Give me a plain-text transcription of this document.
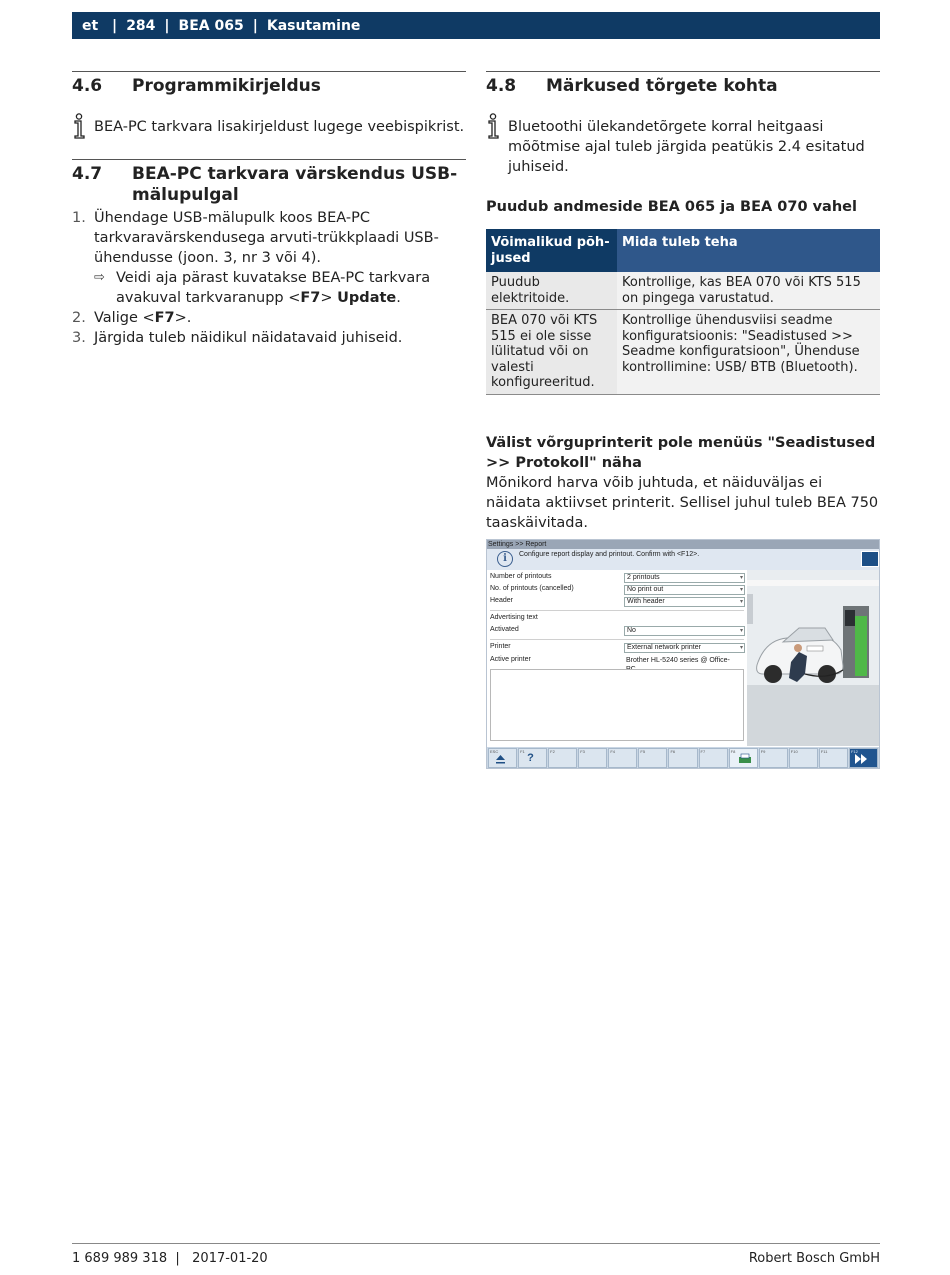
et | 284 | BEA 065 | Kasutamine
4.6	Programmikirjeldus
BEA-PC tarkvara lisakirjeldust lugege veebispikrist.
4.7	BEA-PC tarkvara värskendus USB-mälupulgal
1. Ühendage USB-mälupulk koos BEA-PC tarkvaravärskendusega arvuti-trükkplaadi USB-ühendusse (joon. 3, nr 3 või 4).
⇨ Veidi aja pärast kuvatakse BEA-PC tarkvara avakuval tarkvaranupp <F7> Update.
2. Valige <F7>.
3. Järgida tuleb näidikul näidatavaid juhiseid.
4.8	Märkused tõrgete kohta
Bluetoothi ülekandetõrgete korral heitgaasi mõõtmise ajal tuleb järgida peatükis 2.4 esitatud juhiseid.
Puudub andmeside BEA 065 ja BEA 070 vahel
Võimalikud põhjused	Mida tuleb teha
Puudub elektritoide.	Kontrollige, kas BEA 070 või KTS 515 on pingega varustatud.
BEA 070 või KTS 515 ei ole sisse lülitatud või on valesti konfigureeritud.	Kontrollige ühendusviisi seadme konfiguratsioonis: "Seadistused >> Seadme konfiguratsioon", Ühenduse kontrollimine: USB/ BTB (Bluetooth).
Välist võrguprinterit pole menüüs "Seadistused >> Protokoll" näha
Mõnikord harva võib juhtuda, et näiduväljas ei näidata aktiivset printerit. Sellisel juhul tuleb BEA 750 taaskäivitada.
Settings >> Report
i	Configure report display and printout. Confirm with <F12>.
Number of printouts	2 printouts	▾
No. of printouts (cancelled)	No print out	▾
Header	With header	▾
Advertising text
Activated	No	▾
Printer	External network printer	▾
Active printer	Brother HL-5240 series @ Office-
ESC	F1
?
F2	F3	F4	F5	F6	F7	F8	F9	F10	F11	F12
1 689 989 318  |   2017-01-20	Robert Bosch GmbH
